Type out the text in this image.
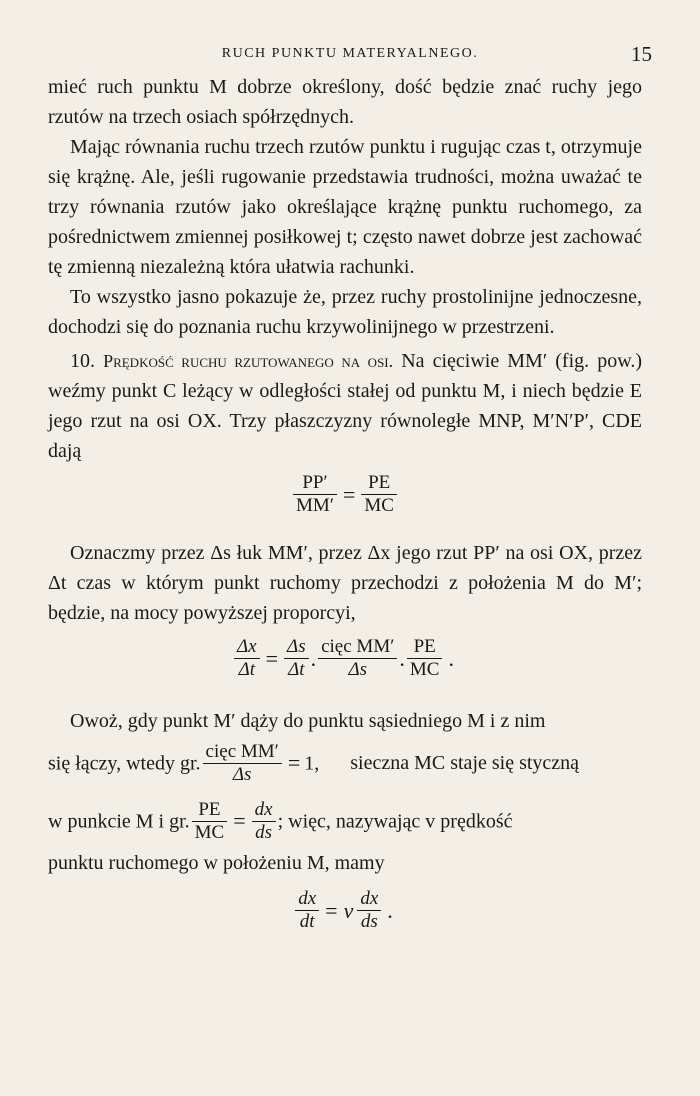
RUCH PUNKTU MATERYALNEGO.	15

mieć ruch punktu M dobrze określony, dość będzie znać ruchy jego rzutów na trzech osiach spółrzędnych.

Mając równania ruchu trzech rzutów punktu i rugując czas t, otrzymuje się krążnę. Ale, jeśli rugowanie przedstawia trudności, można uważać te trzy równania rzutów jako określające krążnę punktu ruchomego, za pośrednictwem zmiennej posiłkowej t; często nawet dobrze jest zachować tę zmienną niezależną która ułatwia rachunki.

To wszystko jasno pokazuje że, przez ruchy prostolinijne jednoczesne, dochodzi się do poznania ruchu krzywolinijnego w przestrzeni.

10. Prędkość ruchu rzutowanego na osi. Na cięciwie MM′ (fig. pow.) weźmy punkt C leżący w odległości stałej od punktu M, i niech będzie E jego rzut na osi OX. Trzy płaszczyzny równoległe MNP, M′N′P′, CDE dają

$\frac{PP'}{MM'} = \frac{PE}{MC}$

Oznaczmy przez Δs łuk MM′, przez Δx jego rzut PP′ na osi OX, przez Δt czas w którym punkt ruchomy przechodzi z położenia M do M′; będzie, na mocy powyższej proporcyi,

$\frac{\Delta x}{\Delta t} = \frac{\Delta s}{\Delta t}$ . $\frac{\text{cięc MM′}}{\Delta s}$ . $\frac{PE}{MC}$ .

Owoż, gdy punkt M′ dąży do punktu sąsiedniego M i z nim

się łączy, wtedy gr. $\frac{\text{cięc MM′}}{\Delta s} = 1$, sieczna MC staje się styczną
w punkcie M i gr. $\frac{PE}{MC} = \frac{dx}{ds}$ ; więc, nazywając v prędkość

punktu ruchomego w położeniu M, mamy

$\frac{dx}{dt} = v \frac{dx}{ds}$ .
